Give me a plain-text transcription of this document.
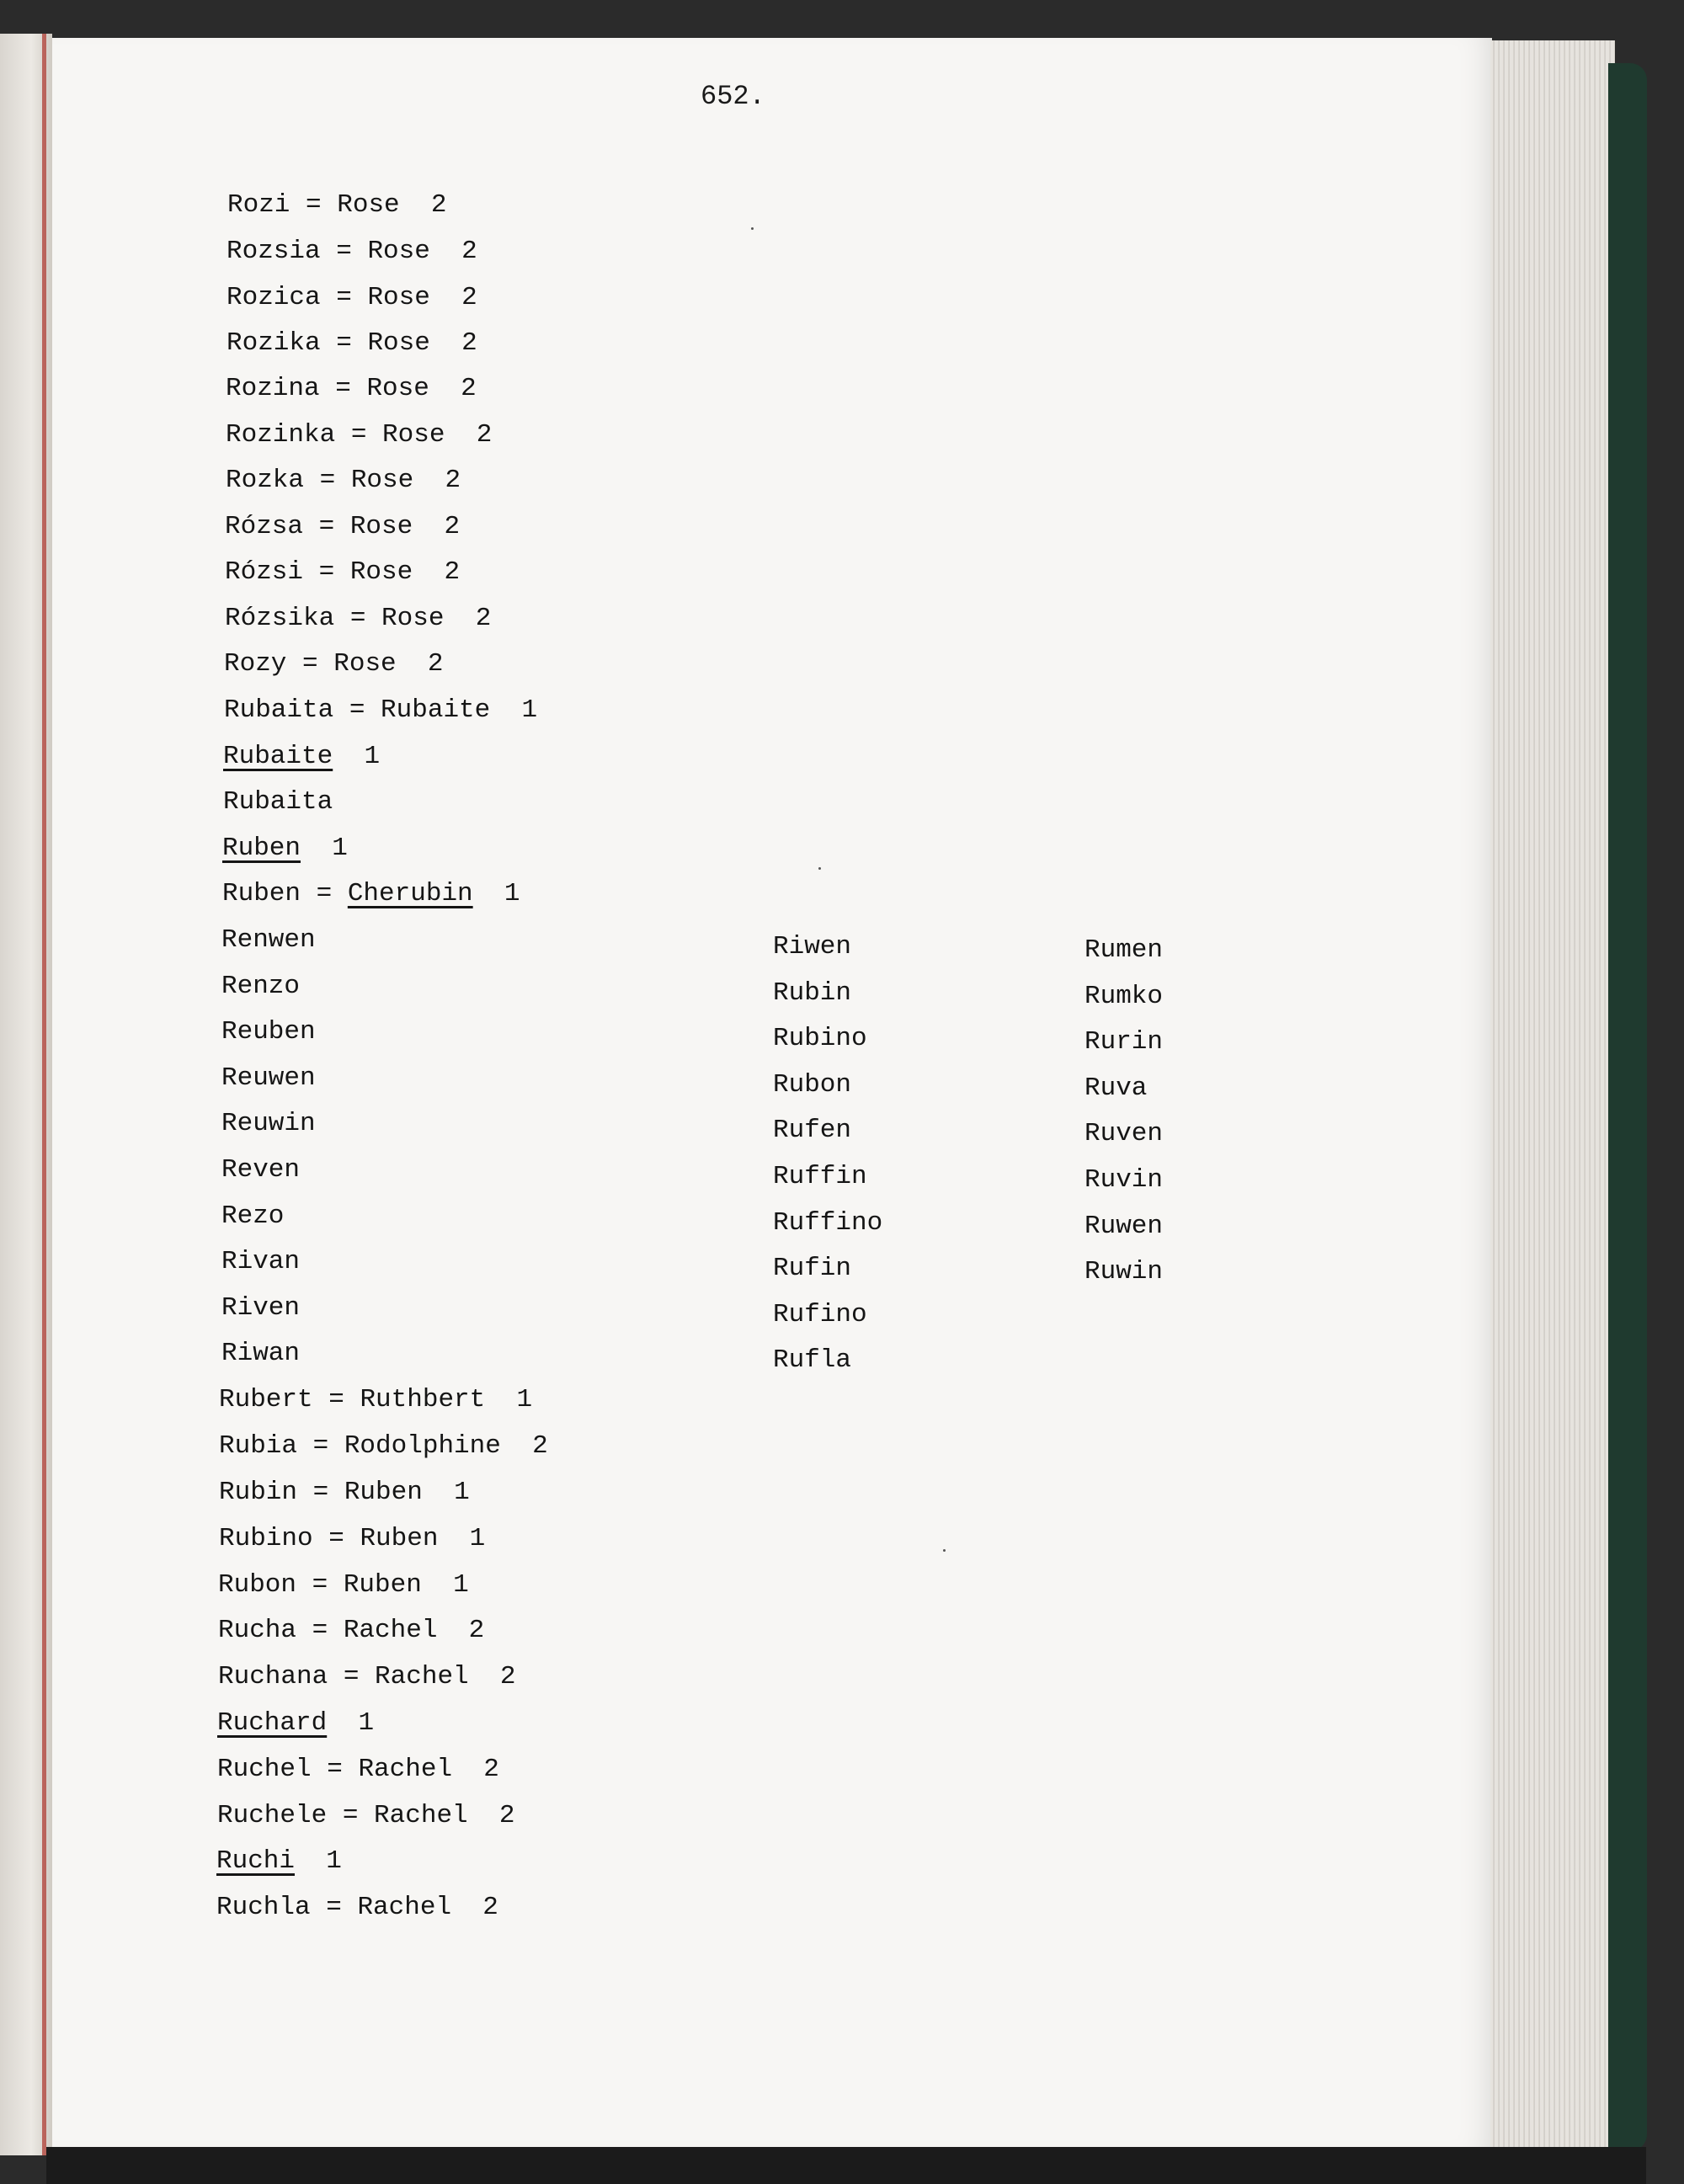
652.
Rozi = Rose 2
Rozsia = Rose 2
Rozica = Rose 2
Rozika = Rose 2
Rozina = Rose 2
Rozinka = Rose 2
Rozka = Rose 2
Rózsa = Rose 2
Rózsi = Rose 2
Rózsika = Rose 2
Rozy = Rose 2
Rubaita = Rubaite 1
Rubaite 1
Rubaita
Ruben 1
Ruben = Cherubin 1
Rubert = Ruthbert 1
Rubia = Rodolphine 2
Rubin = Ruben 1
Rubino = Ruben 1
Rubon = Ruben 1
Rucha = Rachel 2
Ruchana = Rachel 2
Ruchard 1
Ruchel = Rachel 2
Ruchele = Rachel 2
Ruchi 1
Ruchla = Rachel 2
Renwen
Renzo
Reuben
Reuwen
Reuwin
Reven
Rezo
Rivan
Riven
Riwan
Riwen
Rubin
Rubino
Rubon
Rufen
Ruffin
Ruffino
Rufin
Rufino
Rufla
Rumen
Rumko
Rurin
Ruva
Ruven
Ruvin
Ruwen
Ruwin
